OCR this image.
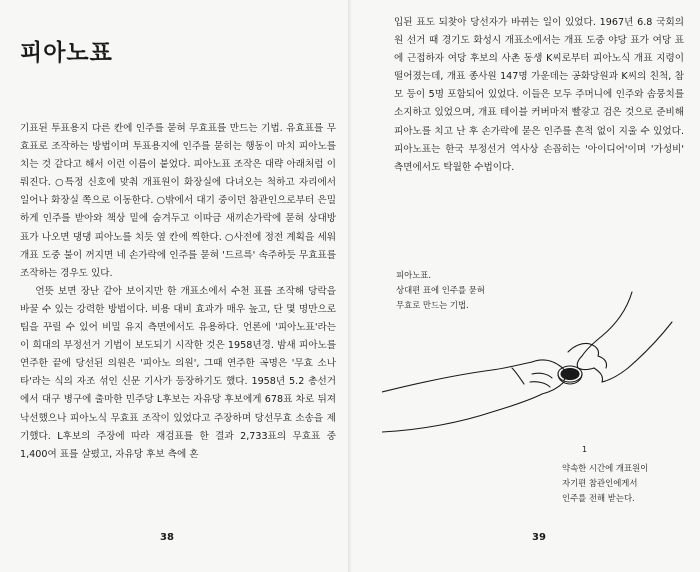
피아노표

기표된 투표용지 다른 칸에 인주를 묻혀 무효표를 만드는 기법. 유효표를 무효표로 조작하는 방법이며 투표용지에 인주를 묻히는 행동이 마치 피아노를 치는 것 같다고 해서 이런 이름이 붙었다. 피아노표 조작은 대략 아래처럼 이뤄진다. ○특정 신호에 맞춰 개표원이 화장실에 다녀오는 척하고 자리에서 일어나 화장실 쪽으로 이동한다. ○밖에서 대기 중이던 참관인으로부터 은밀하게 인주를 받아와 책상 밑에 숨겨두고 이따금 새끼손가락에 묻혀 상대방 표가 나오면 댕댕 피아노를 치듯 옆 칸에 찍한다. ○사전에 정전 계획을 세워 개표 도중 불이 꺼지면 네 손가락에 인주를 묻혀 '드르륵' 속주하듯 무효표를 조작하는 경우도 있다.

언뜻 보면 장난 같아 보이지만 한 개표소에서 수천 표를 조작해 당락을 바꿀 수 있는 강력한 방법이다. 비용 대비 효과가 매우 높고, 단 몇 명만으로 팀을 꾸릴 수 있어 비밀 유지 측면에서도 유용하다. 언론에 '피아노표'라는 이 희대의 부정선거 기법이 보도되기 시작한 것은 1958년경. 밤새 피아노를 연주한 끝에 당선된 의원은 '피아노 의원', 그때 연주한 곡명은 '무효 소나타'라는 식의 자조 섞인 신문 기사가 등장하기도 했다. 1958년 5.2 총선거에서 대구 병구에 출마한 민주당 L후보는 자유당 후보에게 678표 차로 뒤져 낙선했으나 피아노식 무효표 조작이 있었다고 주장하며 당선무효 소송을 제기했다. L후보의 주장에 따라 재검표를 한 결과 2,733표의 무효표 중 1,400여 표를 살폈고, 자유당 후보 측에 혼

38

입된 표도 되찾아 당선자가 바뀌는 일이 있었다. 1967년 6.8 국회의원 선거 때 경기도 화성시 개표소에서는 개표 도중 야당 표가 여당 표에 근접하자 여당 후보의 사촌 동생 K씨로부터 피아노식 개표 지령이 떨어졌는데, 개표 종사원 147명 가운데는 공화당원과 K씨의 친척, 참모 등이 5명 포함되어 있었다. 이들은 모두 주머니에 인주와 솜뭉치를 소지하고 있었으며, 개표 테이블 커버마저 빨갛고 검은 것으로 준비해 피아노를 치고 난 후 손가락에 묻은 인주를 흔적 없이 지울 수 있었다. 피아노표는 한국 부정선거 역사상 손꼽히는 '아이디어'이며 '가성비' 측면에서도 탁월한 수법이다.

피아노표.
상대편 표에 인주를 묻혀
무효로 만드는 기법.
1
약속한 시간에 개표원이
자기편 참관인에게서
인주를 전해 받는다.
39
